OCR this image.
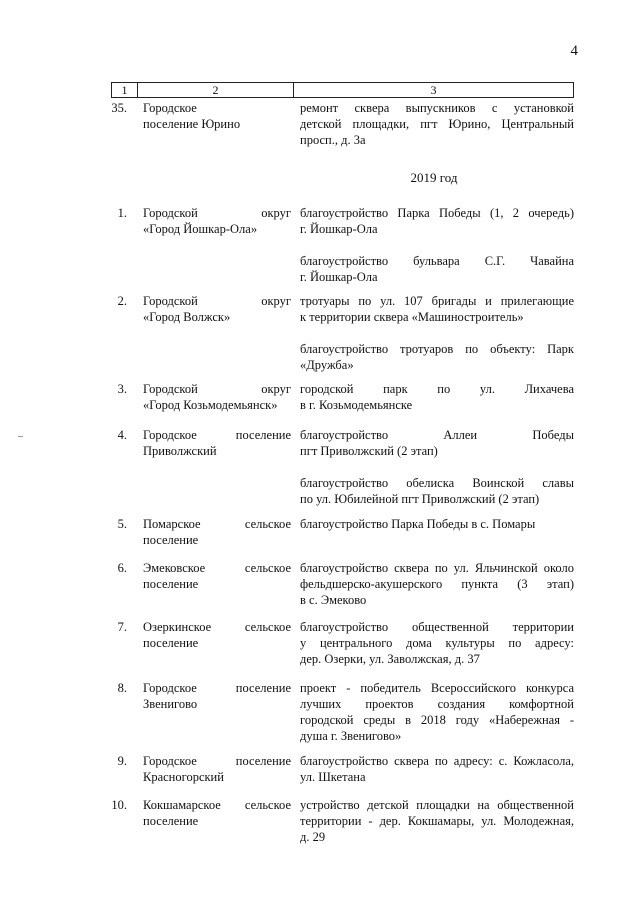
4
1	2	3
2019 год
35. Городское
поселение Юрино
ремонт сквера выпускников с установкой
детской площадки, пгт Юрино, Центральный
просп., д. 3а
1. Городской округ
«Город Йошкар-Ола»
благоустройство Парка Победы (1, 2 очередь)
г. Йошкар-Ола
благоустройство бульвара С.Г. Чавайна
г. Йошкар-Ола
2. Городской округ
«Город Волжск»
тротуары по ул. 107 бригады и прилегающие
к территории сквера «Машиностроитель»
благоустройство тротуаров по объекту: Парк
«Дружба»
3. Городской округ
«Город Козьмодемьянск»
городской парк по ул. Лихачева
в г. Козьмодемьянске
4. Городское поселение
Приволжский
благоустройство Аллеи Победы
пгт Приволжский (2 этап)
благоустройство обелиска Воинской славы
по ул. Юбилейной пгт Приволжский (2 этап)
5. Помарское сельское
поселение
благоустройство Парка Победы в с. Помары
6. Эмековское сельское
поселение
благоустройство сквера по ул. Яльчинской около
фельдшерско-акушерского пункта (3 этап)
в с. Эмеково
7. Озеркинское сельское
поселение
благоустройство общественной территории
у центрального дома культуры по адресу:
дер. Озерки, ул. Заволжская, д. 37
8. Городское поселение
Звенигово
проект - победитель Всероссийского конкурса
лучших проектов создания комфортной
городской среды в 2018 году «Набережная -
душа г. Звенигово»
9. Городское поселение
Красногорский
благоустройство сквера по адресу: с. Кожласола,
ул. Шкетана
10. Кокшамарское сельское
поселение
устройство детской площадки на общественной
территории - дер. Кокшамары, ул. Молодежная,
д. 29
